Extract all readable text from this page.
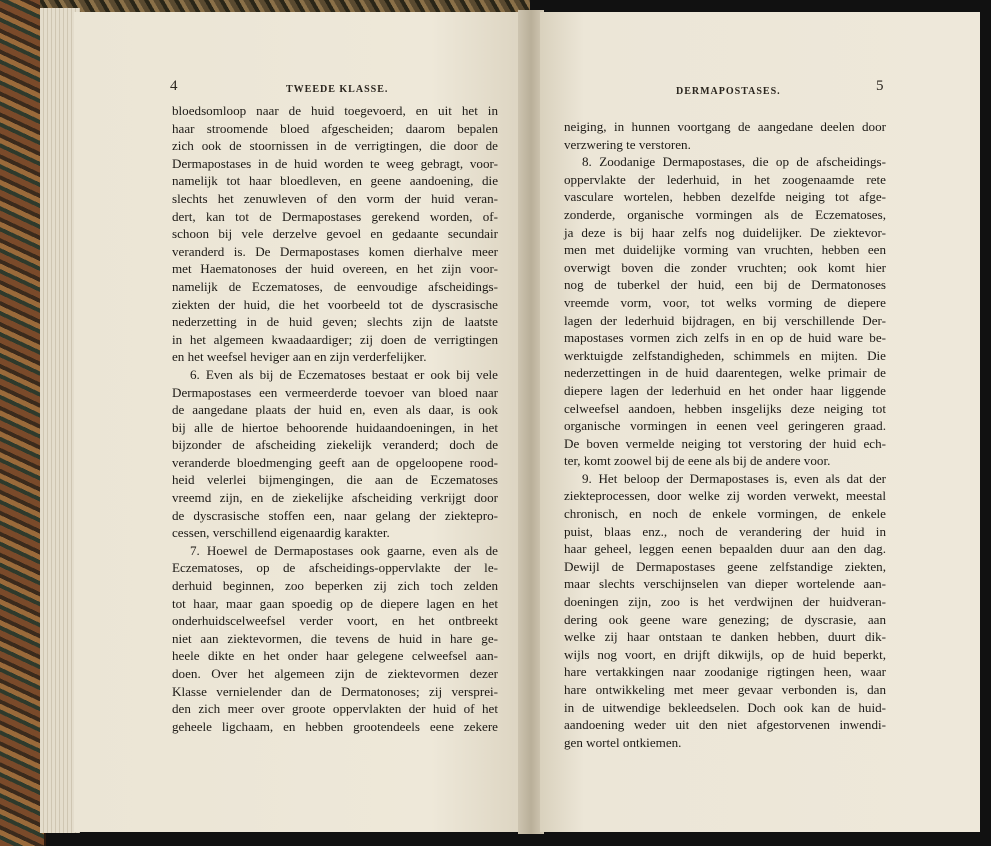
4	TWEEDE KLASSE.
bloedsomloop naar de huid toegevoerd, en uit het in
haar stroomende bloed afgescheiden; daarom bepalen
zich ook de stoornissen in de verrigtingen, die door de
Dermapostases in de huid worden te weeg gebragt, voor-
namelijk tot haar bloedleven, en geene aandoening, die
slechts het zenuwleven of den vorm der huid veran-
dert, kan tot de Dermapostases gerekend worden, of-
schoon bij vele derzelve gevoel en gedaante secundair
veranderd is. De Dermapostases komen dierhalve meer
met Haematonoses der huid overeen, en het zijn voor-
namelijk de Eczematoses, de eenvoudige afscheidings-
ziekten der huid, die het voorbeeld tot de dyscrasische
nederzetting in de huid geven; slechts zijn de laatste
in het algemeen kwaadaardiger; zij doen de verrigtingen
en het weefsel heviger aan en zijn verderfelijker.
6. Even als bij de Eczematoses bestaat er ook bij vele
Dermapostases een vermeerderde toevoer van bloed naar
de aangedane plaats der huid en, even als daar, is ook
bij alle de hiertoe behoorende huidaandoeningen, in het
bijzonder de afscheiding ziekelijk veranderd; doch de
veranderde bloedmenging geeft aan de opgeloopene rood-
heid velerlei bijmengingen, die aan de Eczematoses
vreemd zijn, en de ziekelijke afscheiding verkrijgt door
de dyscrasische stoffen een, naar gelang der ziektepro-
cessen, verschillend eigenaardig karakter.
7. Hoewel de Dermapostases ook gaarne, even als de
Eczematoses, op de afscheidings-oppervlakte der le-
derhuid beginnen, zoo beperken zij zich toch zelden
tot haar, maar gaan spoedig op de diepere lagen en het
onderhuidscelweefsel verder voort, en het ontbreekt
niet aan ziektevormen, die tevens de huid in hare ge-
heele dikte en het onder haar gelegene celweefsel aan-
doen. Over het algemeen zijn de ziektevormen dezer
Klasse vernielender dan de Dermatonoses; zij versprei-
den zich meer over groote oppervlakten der huid of het
geheele ligchaam, en hebben grootendeels eene zekere
DERMAPOSTASES.	5
neiging, in hunnen voortgang de aangedane deelen door
verzwering te verstoren.
8. Zoodanige Dermapostases, die op de afscheidings-
oppervlakte der lederhuid, in het zoogenaamde rete
vasculare wortelen, hebben dezelfde neiging tot afge-
zonderde, organische vormingen als de Eczematoses,
ja deze is bij haar zelfs nog duidelijker. De ziektevor-
men met duidelijke vorming van vruchten, hebben een
overwigt boven die zonder vruchten; ook komt hier
nog de tuberkel der huid, een bij de Dermatonoses
vreemde vorm, voor, tot welks vorming de diepere
lagen der lederhuid bijdragen, en bij verschillende Der-
mapostases vormen zich zelfs in en op de huid ware be-
werktuigde zelfstandigheden, schimmels en mijten. Die
nederzettingen in de huid daarentegen, welke primair de
diepere lagen der lederhuid en het onder haar liggende
celweefsel aandoen, hebben insgelijks deze neiging tot
organische vormingen in eenen veel geringeren graad.
De boven vermelde neiging tot verstoring der huid ech-
ter, komt zoowel bij de eene als bij de andere voor.
9. Het beloop der Dermapostases is, even als dat der
ziekteprocessen, door welke zij worden verwekt, meestal
chronisch, en noch de enkele vormingen, de enkele
puist, blaas enz., noch de verandering der huid in
haar geheel, leggen eenen bepaalden duur aan den dag.
Dewijl de Dermapostases geene zelfstandige ziekten,
maar slechts verschijnselen van dieper wortelende aan-
doeningen zijn, zoo is het verdwijnen der huidveran-
dering ook geene ware genezing; de dyscrasie, aan
welke zij haar ontstaan te danken hebben, duurt dik-
wijls nog voort, en drijft dikwijls, op de huid beperkt,
hare vertakkingen naar zoodanige rigtingen heen, waar
hare ontwikkeling met meer gevaar verbonden is, dan
in de uitwendige bekleedselen. Doch ook kan de huid-
aandoening weder uit den niet afgestorvenen inwendi-
gen wortel ontkiemen.
